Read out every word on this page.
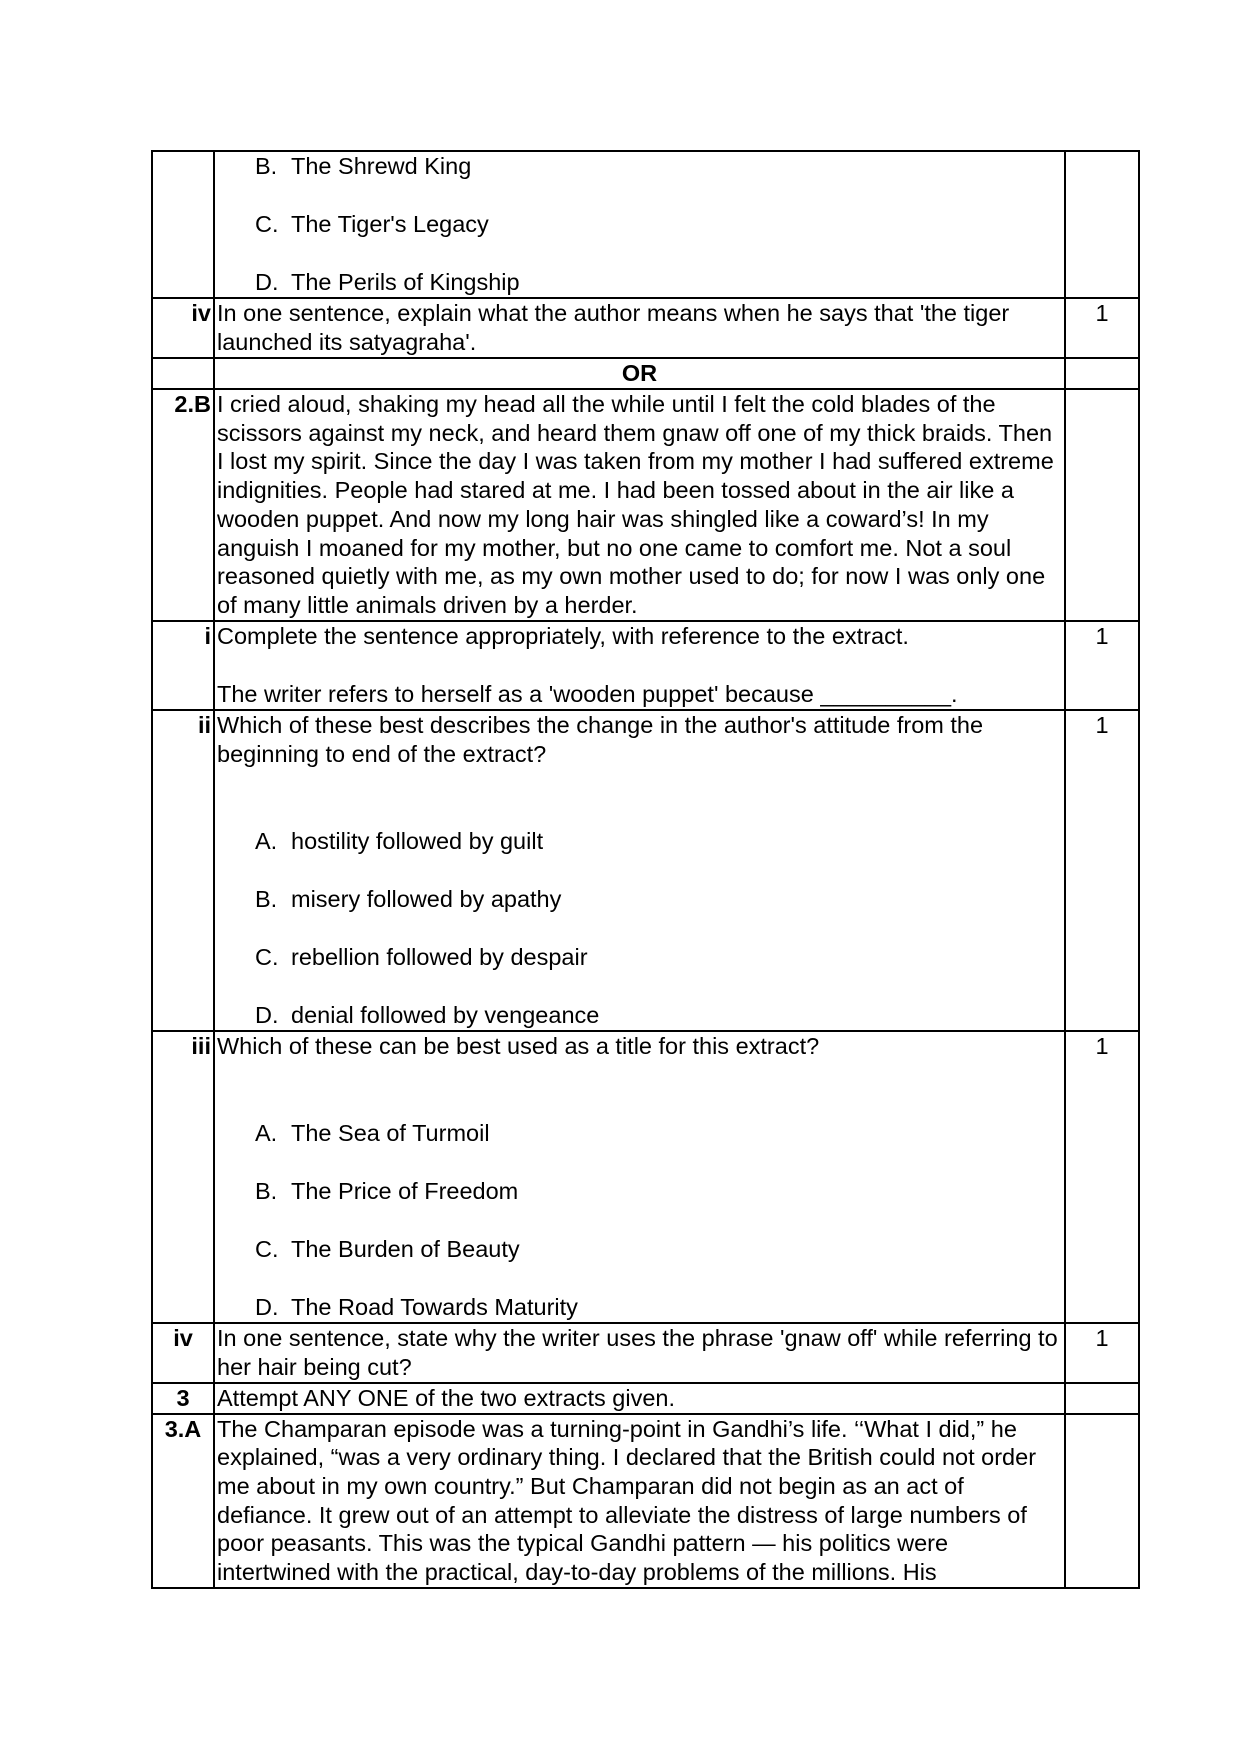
	B. The Shrewd King
C. The Tiger's Legacy
D. The Perils of Kingship	

iv	In one sentence, explain what the author means when he says that 'the tiger launched its satyagraha'.	1
	OR	
2.B	I cried aloud, shaking my head all the while until I felt the cold blades of the scissors against my neck, and heard them gnaw off one of my thick braids. Then I lost my spirit. Since the day I was taken from my mother I had suffered extreme indignities. People had stared at me. I had been tossed about in the air like a wooden puppet. And now my long hair was shingled like a coward’s! In my anguish I moaned for my mother, but no one came to comfort me. Not a soul reasoned quietly with me, as my own mother used to do; for now I was only one of many little animals driven by a herder.	
i	Complete the sentence appropriately, with reference to the extract.

The writer refers to herself as a 'wooden puppet' because __________.	1
ii	Which of these best describes the change in the author's attitude from the beginning to end of the extract?

A. hostility followed by guilt
B. misery followed by apathy
C. rebellion followed by despair
D. denial followed by vengeance	1
iii	Which of these can be best used as a title for this extract?

A. The Sea of Turmoil
B. The Price of Freedom
C. The Burden of Beauty
D. The Road Towards Maturity	1
iv	In one sentence, state why the writer uses the phrase 'gnaw off' while referring to her hair being cut?	1
3	Attempt ANY ONE of the two extracts given.	
3.A	The Champaran episode was a turning-point in Gandhi’s life. ‘‘What I did,” he explained, “was a very ordinary thing. I declared that the British could not order me about in my own country.” But Champaran did not begin as an act of defiance. It grew out of an attempt to alleviate the distress of large numbers of poor peasants. This was the typical Gandhi pattern — his politics were intertwined with the practical, day-to-day problems of the millions. His	
